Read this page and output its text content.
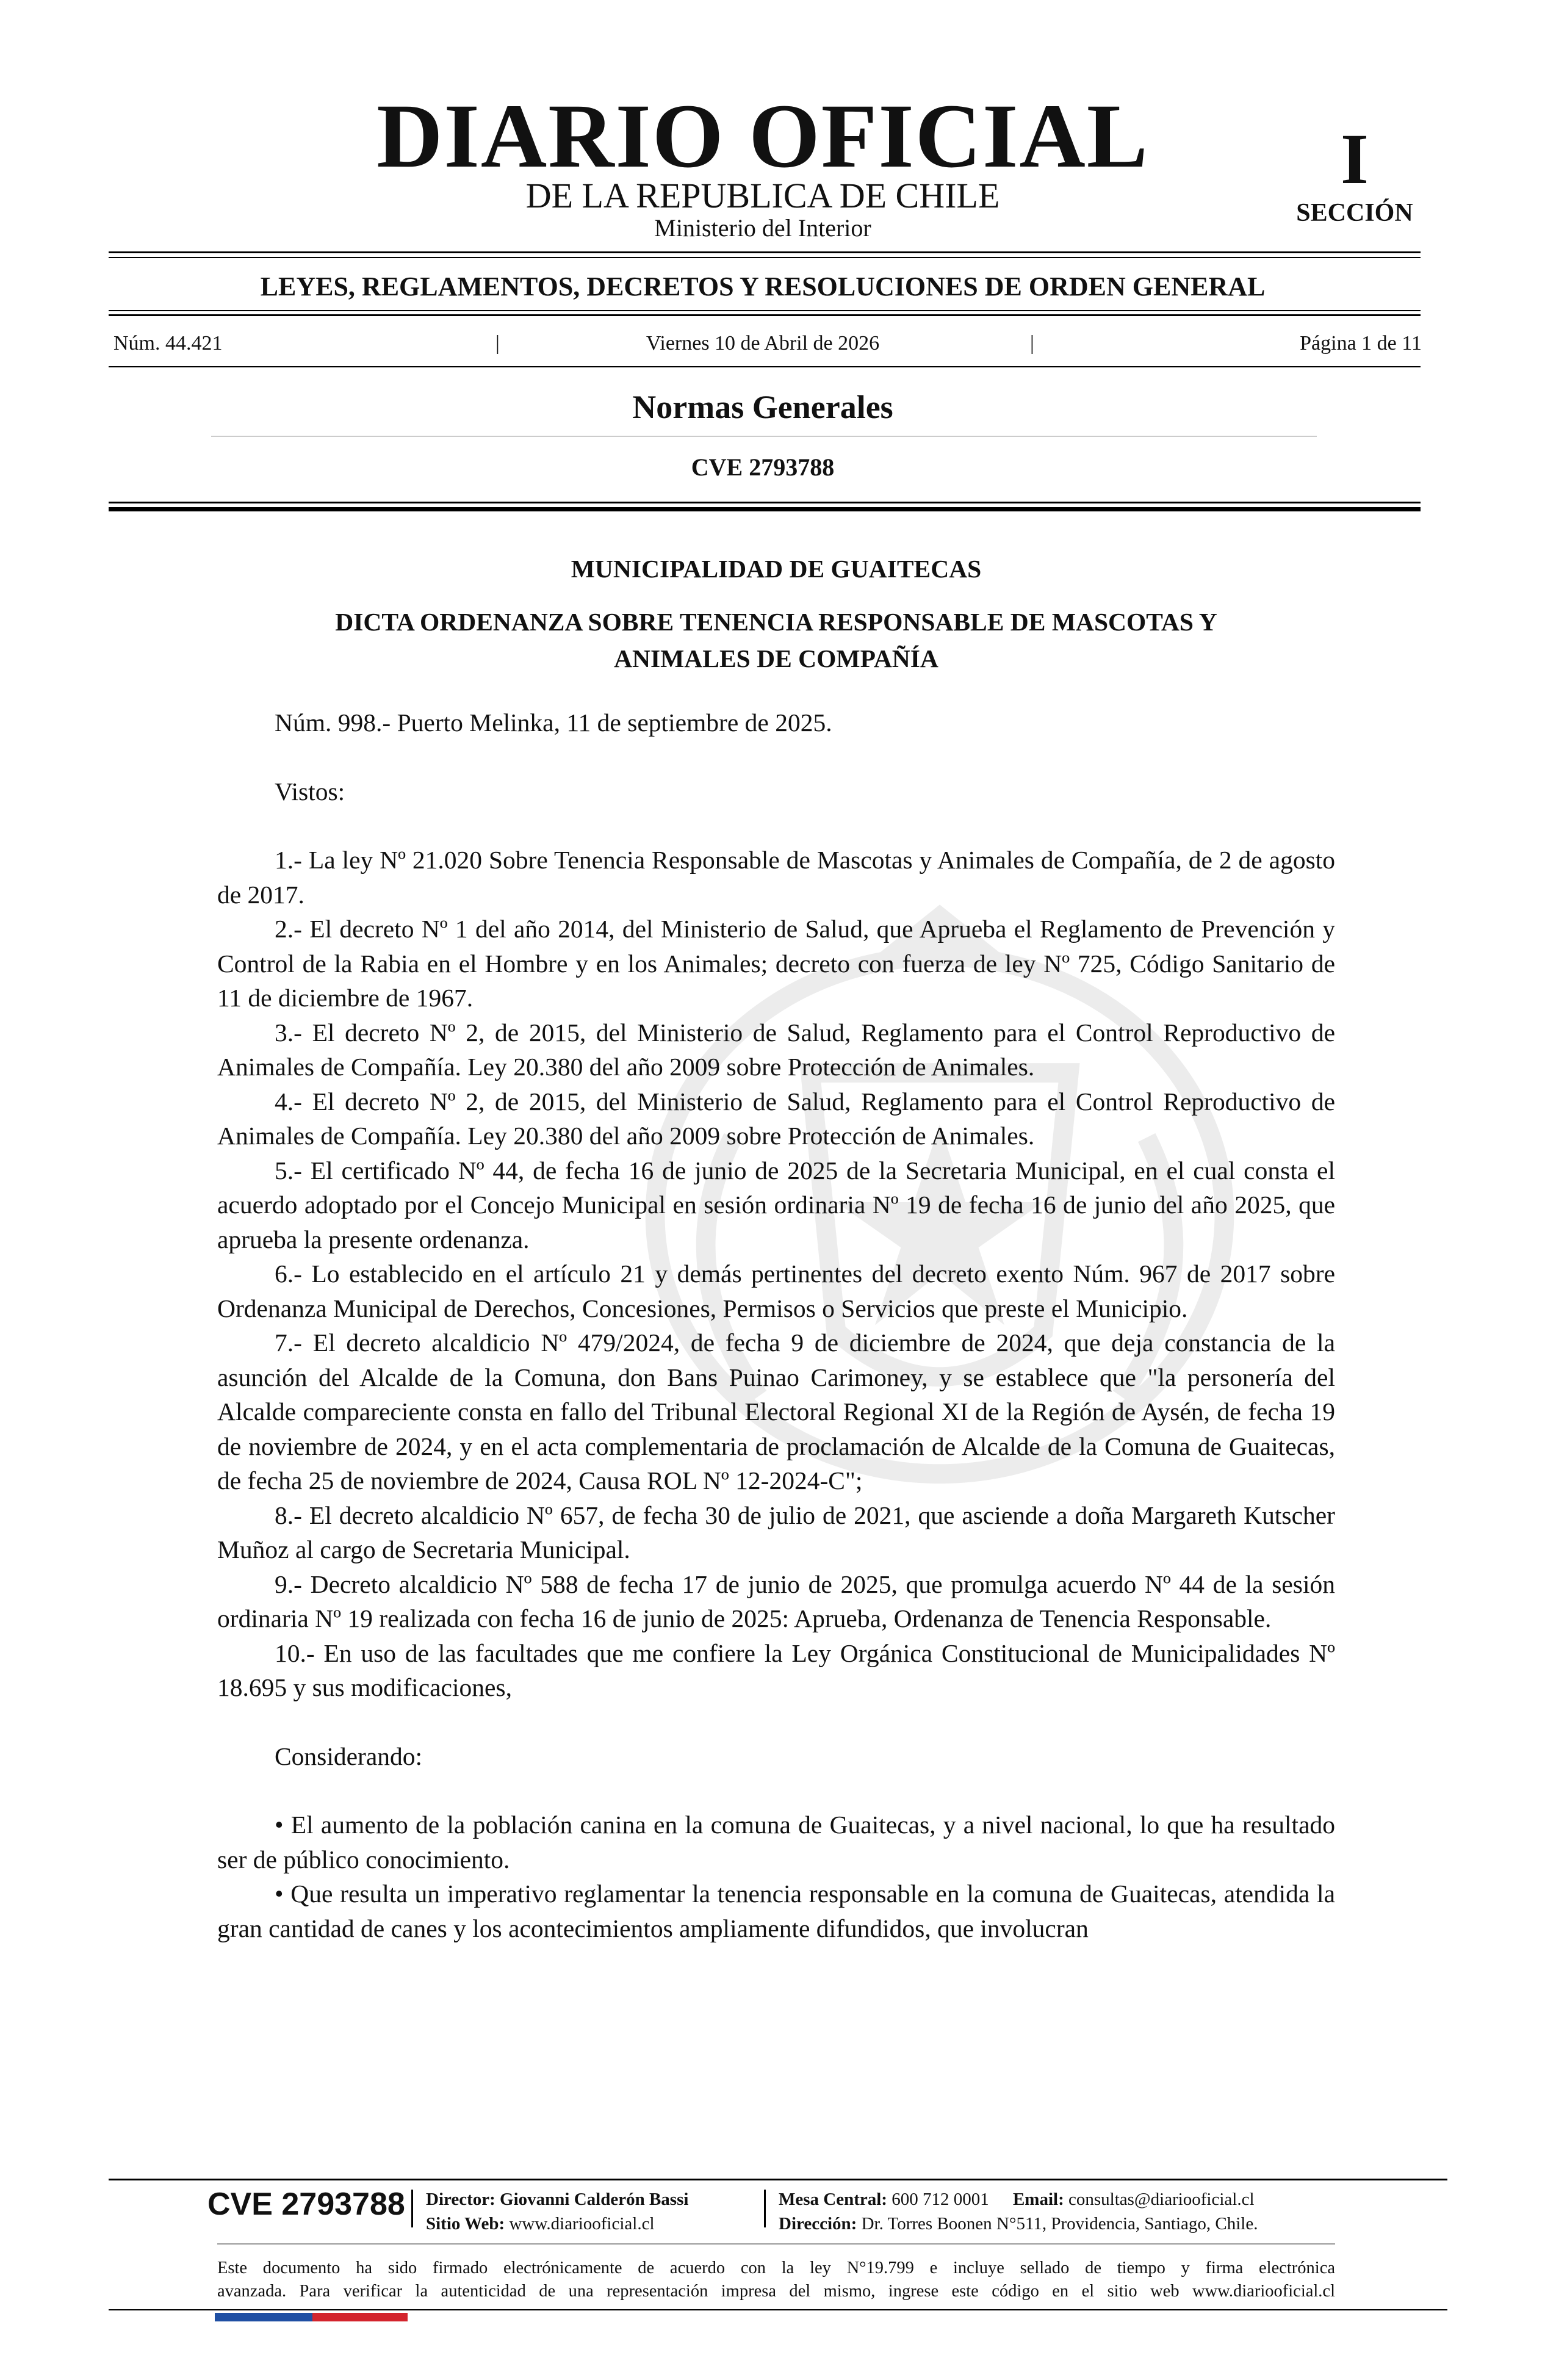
DIARIO OFICIAL
DE LA REPUBLICA DE CHILE
Ministerio del Interior
I
SECCIÓN
LEYES, REGLAMENTOS, DECRETOS Y RESOLUCIONES DE ORDEN GENERAL
Núm. 44.421	|	Viernes 10 de Abril de 2026	|	Página 1 de 11
Normas Generales
CVE 2793788

MUNICIPALIDAD DE GUAITECAS

DICTA ORDENANZA SOBRE TENENCIA RESPONSABLE DE MASCOTAS Y

ANIMALES DE COMPAÑÍA

Núm. 998.- Puerto Melinka, 11 de septiembre de 2025.

Vistos:

1.- La ley Nº 21.020 Sobre Tenencia Responsable de Mascotas y Animales de Compañía, de 2 de agosto de 2017.

2.- El decreto Nº 1 del año 2014, del Ministerio de Salud, que Aprueba el Reglamento de Prevención y Control de la Rabia en el Hombre y en los Animales; decreto con fuerza de ley Nº 725, Código Sanitario de 11 de diciembre de 1967.

3.- El decreto Nº 2, de 2015, del Ministerio de Salud, Reglamento para el Control Reproductivo de Animales de Compañía. Ley 20.380 del año 2009 sobre Protección de Animales.

4.- El decreto Nº 2, de 2015, del Ministerio de Salud, Reglamento para el Control Reproductivo de Animales de Compañía. Ley 20.380 del año 2009 sobre Protección de Animales.

5.- El certificado Nº 44, de fecha 16 de junio de 2025 de la Secretaria Municipal, en el cual consta el acuerdo adoptado por el Concejo Municipal en sesión ordinaria Nº 19 de fecha 16 de junio del año 2025, que aprueba la presente ordenanza.

6.- Lo establecido en el artículo 21 y demás pertinentes del decreto exento Núm. 967 de 2017 sobre Ordenanza Municipal de Derechos, Concesiones, Permisos o Servicios que preste el Municipio.

7.- El decreto alcaldicio Nº 479/2024, de fecha 9 de diciembre de 2024, que deja constancia de la asunción del Alcalde de la Comuna, don Bans Puinao Carimoney, y se establece que "la personería del Alcalde compareciente consta en fallo del Tribunal Electoral Regional XI de la Región de Aysén, de fecha 19 de noviembre de 2024, y en el acta complementaria de proclamación de Alcalde de la Comuna de Guaitecas, de fecha 25 de noviembre de 2024, Causa ROL Nº 12-2024-C";

8.- El decreto alcaldicio Nº 657, de fecha 30 de julio de 2021, que asciende a doña Margareth Kutscher Muñoz al cargo de Secretaria Municipal.

9.- Decreto alcaldicio Nº 588 de fecha 17 de junio de 2025, que promulga acuerdo Nº 44 de la sesión ordinaria Nº 19 realizada con fecha 16 de junio de 2025: Aprueba, Ordenanza de Tenencia Responsable.

10.- En uso de las facultades que me confiere la Ley Orgánica Constitucional de Municipalidades Nº 18.695 y sus modificaciones,

Considerando:

• El aumento de la población canina en la comuna de Guaitecas, y a nivel nacional, lo que ha resultado ser de público conocimiento.

• Que resulta un imperativo reglamentar la tenencia responsable en la comuna de Guaitecas, atendida la gran cantidad de canes y los acontecimientos ampliamente difundidos, que involucran

CVE 2793788 Director: Giovanni Calderón Bassi
Sitio Web: www.diariooficial.cl
Mesa Central: 600 712 0001 Email: consultas@diariooficial.cl
Dirección: Dr. Torres Boonen N°511, Providencia, Santiago, Chile.
Este documento ha sido firmado electrónicamente de acuerdo con la ley N°19.799 e incluye sellado de tiempo y firma electrónica
avanzada. Para verificar la autenticidad de una representación impresa del mismo, ingrese este código en el sitio web www.diariooficial.cl
